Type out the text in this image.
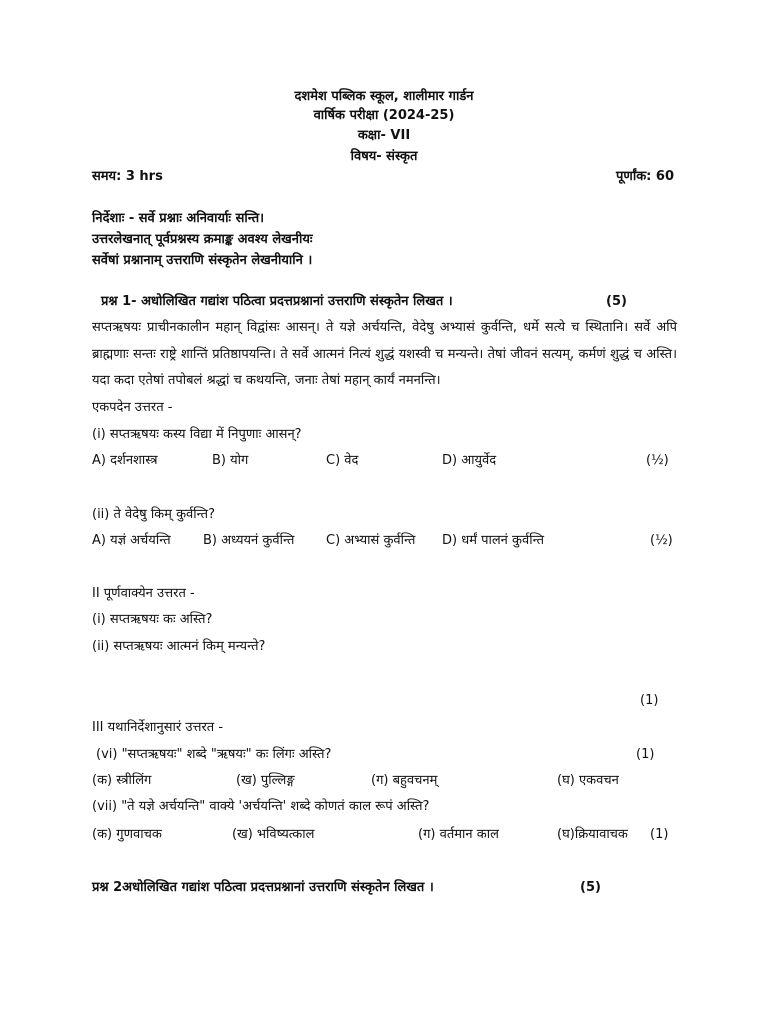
दशमेश पब्लिक स्कूल, शालीमार गार्डन
वार्षिक परीक्षा (2024-25)
कक्षा- VII
विषय- संस्कृत
समय: 3 hrs	पूर्णांक: 60
निर्देशाः - सर्वे प्रश्नाः अनिवार्याः सन्ति।
उत्तरलेखनात् पूर्वप्रश्नस्य क्रमाङ्क अवश्य लेखनीयः
सर्वेषां प्रश्नानाम् उत्तराणि संस्कृतेन लेखनीयानि ।
प्रश्न 1- अधोलिखित गद्यांश पठित्वा प्रदत्तप्रश्नानां उत्तराणि संस्कृतेन लिखत ।	(5)
सप्तऋषयः प्राचीनकालीन महान् विद्वांसः आसन्। ते यज्ञे अर्चयन्ति, वेदेषु अभ्यासं कुर्वन्ति, धर्मे सत्ये च स्थितानि। सर्वे अपि ब्राह्मणाः सन्तः राष्ट्रे शान्तिं प्रतिष्ठापयन्ति। ते सर्वे आत्मनं नित्यं शुद्धं यशस्वी च मन्यन्ते। तेषां जीवनं सत्यम्, कर्मणं शुद्धं च अस्ति। यदा कदा एतेषां तपोबलं श्रद्धां च कथयन्ति, जनाः तेषां महान् कार्यं नमनन्ति।
एकपदेन उत्तरत -
(i) सप्तऋषयः कस्य विद्या में निपुणाः आसन्?
A) दर्शनशास्त्र	B) योग	C) वेद	D) आयुर्वेद	(½)
(ii) ते वेदेषु किम् कुर्वन्ति?
A) यज्ञं अर्चयन्ति B) अध्ययनं कुर्वन्ति C) अभ्यासं कुर्वन्ति D) धर्मं पालनं कुर्वन्ति	(½)
II पूर्णवाक्येन उत्तरत -
(i) सप्तऋषयः कः अस्ति?
(ii) सप्तऋषयः आत्मनं किम् मन्यन्ते?
(1)
III यथानिर्देशानुसारं उत्तरत -
(vi) "सप्तऋषयः" शब्दे "ऋषयः" कः लिंगः अस्ति?	(1)
(क) स्त्रीलिंग	(ख) पुल्लिङ्ग	(ग) बहुवचनम्	(घ) एकवचन
(vii) "ते यज्ञे अर्चयन्ति" वाक्ये 'अर्चयन्ति' शब्दे कोणतं काल रूपं अस्ति?
(क) गुणवाचक	(ख) भविष्यत्काल	(ग) वर्तमान काल	(घ)क्रियावाचक (1)
प्रश्न 2अधोलिखित गद्यांश पठित्वा प्रदत्तप्रश्नानां उत्तराणि संस्कृतेन लिखत ।	(5)
